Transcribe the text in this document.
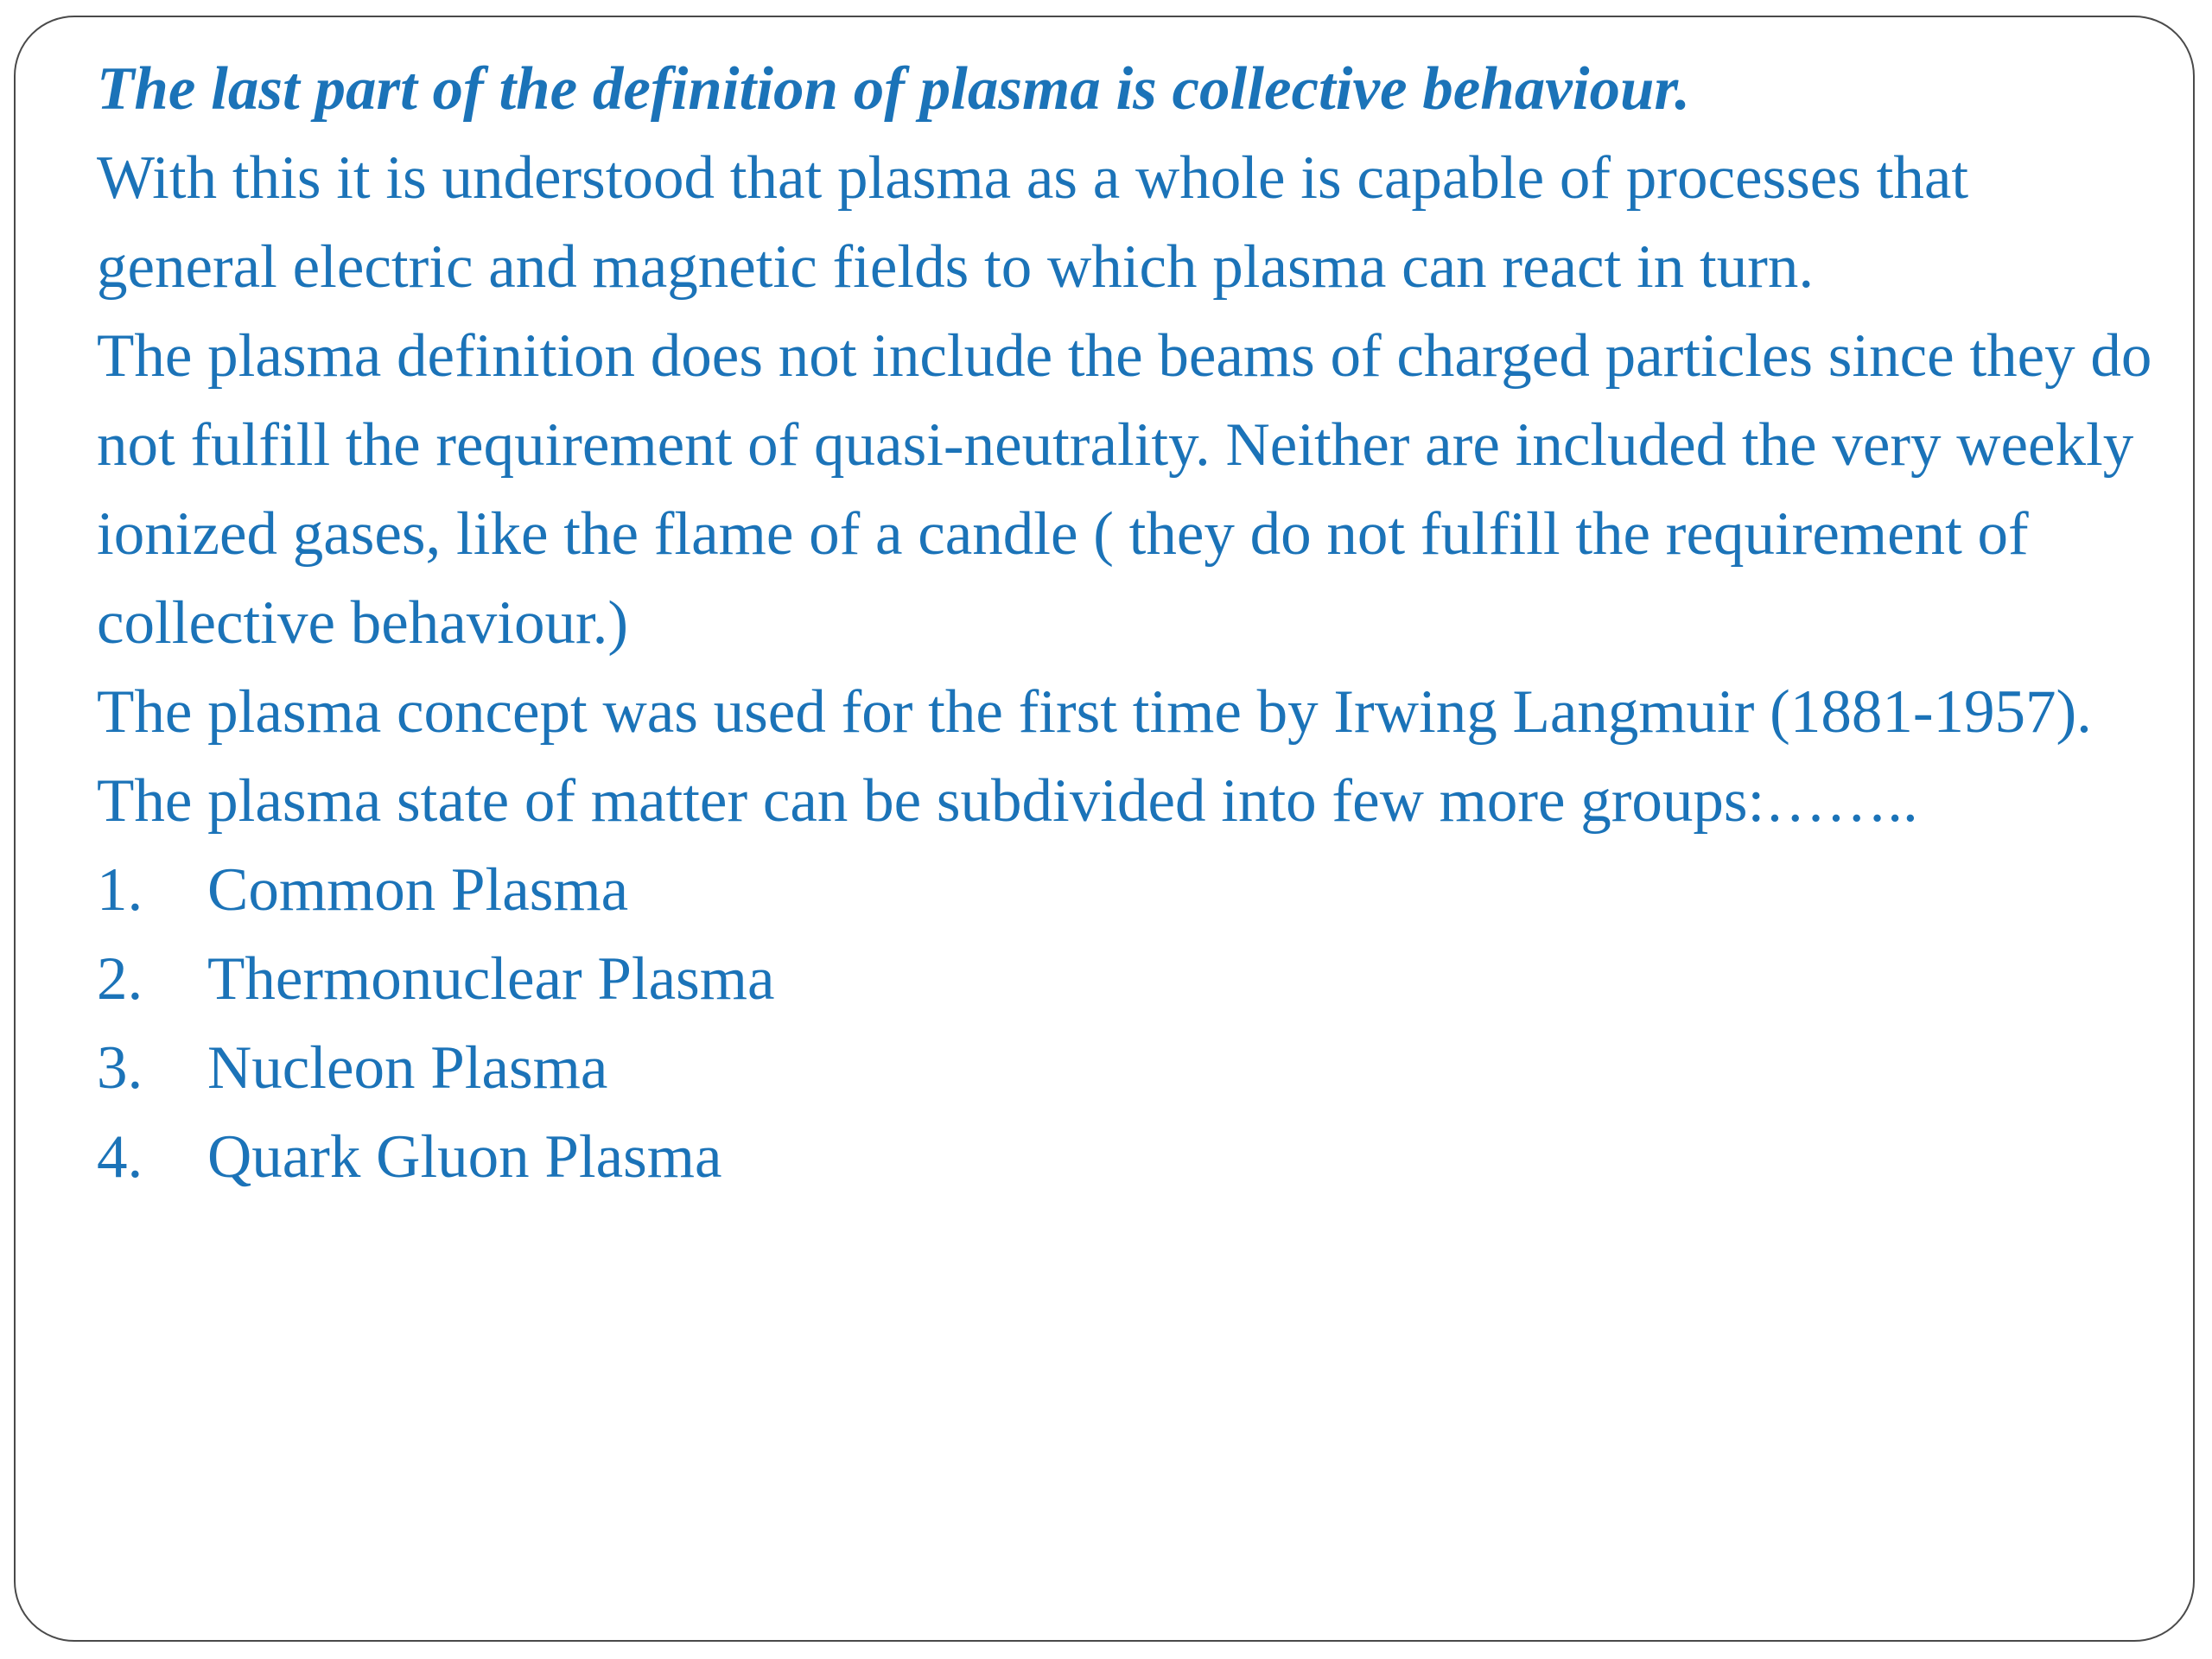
The last part of the definition of plasma is collective behaviour.

With this it is understood that plasma as a whole is capable of processes that general electric and magnetic fields to which plasma can react in turn.

The plasma definition does not include the beams of charged particles since they do not fulfill the requirement of quasi-neutrality. Neither are included the very weekly ionized gases, like the flame of a candle ( they do not fulfill the requirement of collective behaviour.)

The plasma concept was used for the first time by Irwing Langmuir (1881-1957).

The plasma state of matter can be subdivided into few more groups:……..

1.	Common Plasma
2.	Thermonuclear Plasma
3.	Nucleon Plasma
4.	Quark Gluon Plasma
